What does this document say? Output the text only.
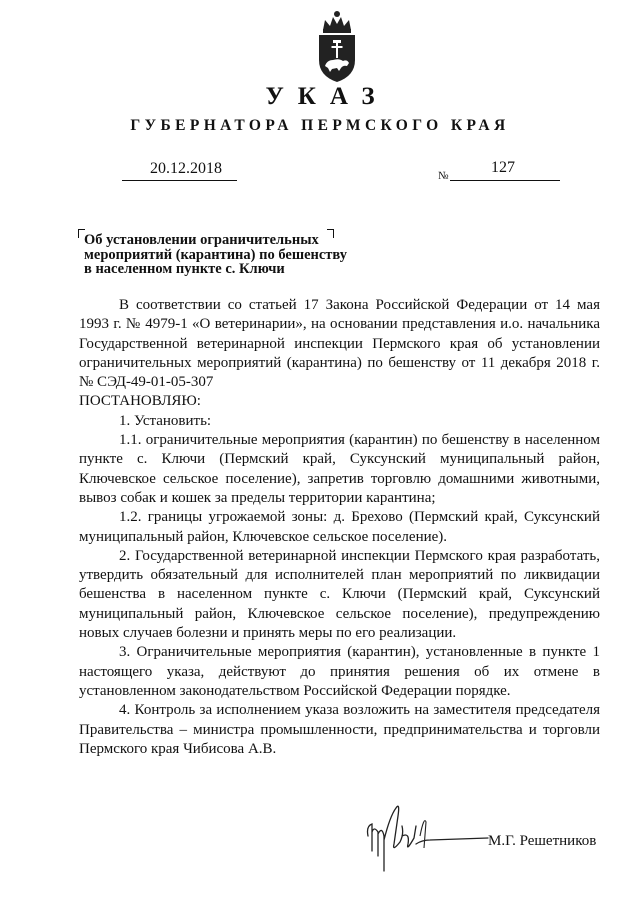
УКАЗ
ГУБЕРНАТОРА ПЕРМСКОГО КРАЯ
20.12.2018	№	127
Об установлении ограничительных
мероприятий (карантина) по бешенству
в населенном пункте с. Ключи

В соответствии со статьей 17 Закона Российской Федерации от 14 мая 1993 г. № 4979-1 «О ветеринарии», на основании представления и.о. начальника Государственной ветеринарной инспекции Пермского края об установлении ограничительных мероприятий (карантина) по бешенству от 11 декабря 2018 г. № СЭД-49-01-05-307

ПОСТАНОВЛЯЮ:

1. Установить:

1.1. ограничительные мероприятия (карантин) по бешенству в населенном пункте с. Ключи (Пермский край, Суксунский муниципальный район, Ключевское сельское поселение), запретив торговлю домашними животными, вывоз собак и кошек за пределы территории карантина;

1.2. границы угрожаемой зоны: д. Брехово (Пермский край, Суксунский муниципальный район, Ключевское сельское поселение).

2. Государственной ветеринарной инспекции Пермского края разработать, утвердить обязательный для исполнителей план мероприятий по ликвидации бешенства в населенном пункте с. Ключи (Пермский край, Суксунский муниципальный район, Ключевское сельское поселение), предупреждению новых случаев болезни и принять меры по его реализации.

3. Ограничительные мероприятия (карантин), установленные в пункте 1 настоящего указа, действуют до принятия решения об их отмене в установленном законодательством Российской Федерации порядке.

4. Контроль за исполнением указа возложить на заместителя председателя Правительства – министра промышленности, предпринимательства и торговли Пермского края Чибисова А.В.

М.Г. Решетников
